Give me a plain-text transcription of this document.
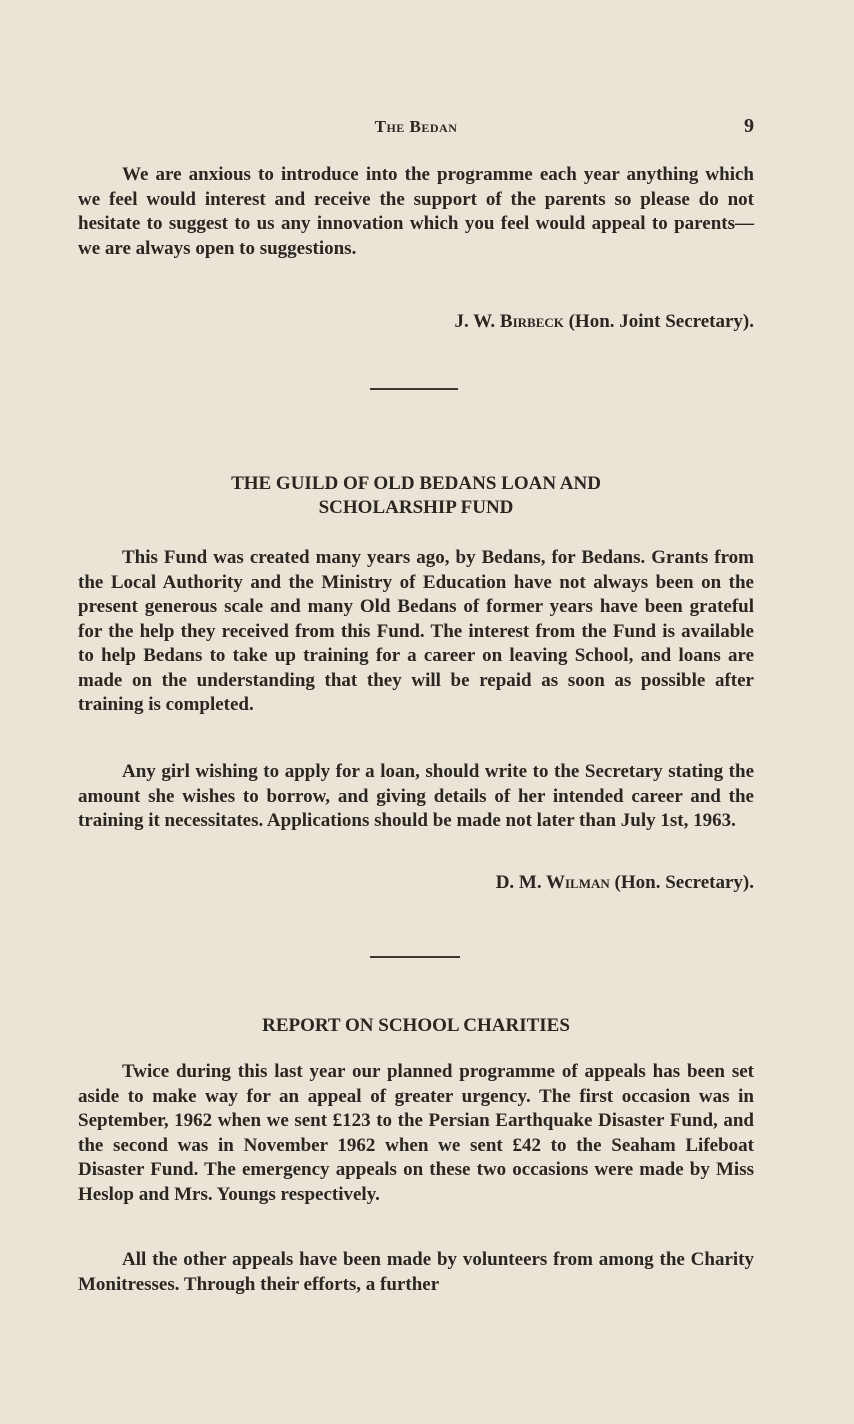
The Bedan	9

We are anxious to introduce into the programme each year anything which we feel would interest and receive the support of the parents so please do not hesitate to suggest to us any innovation which you feel would appeal to parents—we are always open to suggestions.

J. W. Birbeck (Hon. Joint Secretary).

THE GUILD OF OLD BEDANS LOAN AND
SCHOLARSHIP FUND

This Fund was created many years ago, by Bedans, for Bedans. Grants from the Local Authority and the Ministry of Education have not always been on the present generous scale and many Old Bedans of former years have been grateful for the help they received from this Fund. The interest from the Fund is available to help Bedans to take up training for a career on leaving School, and loans are made on the understanding that they will be repaid as soon as possible after training is completed.

Any girl wishing to apply for a loan, should write to the Secretary stating the amount she wishes to borrow, and giving details of her intended career and the training it necessitates. Applications should be made not later than July 1st, 1963.

D. M. Wilman (Hon. Secretary).

REPORT ON SCHOOL CHARITIES

Twice during this last year our planned programme of appeals has been set aside to make way for an appeal of greater urgency. The first occasion was in September, 1962 when we sent £123 to the Persian Earthquake Disaster Fund, and the second was in November 1962 when we sent £42 to the Seaham Lifeboat Disaster Fund. The emergency appeals on these two occasions were made by Miss Heslop and Mrs. Youngs respectively.

All the other appeals have been made by volunteers from among the Charity Monitresses. Through their efforts, a further
